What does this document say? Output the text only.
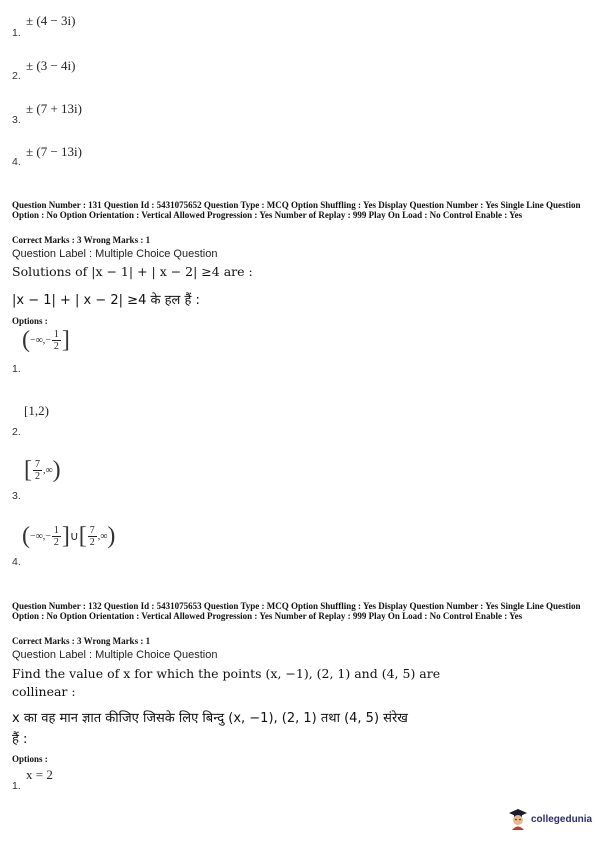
± (4 − 3i)
1.
± (3 − 4i)
2.
± (7 + 13i)
3.
± (7 − 13i)
4.
Question Number : 131 Question Id : 5431075652 Question Type : MCQ Option Shuffling : Yes Display Question Number : Yes Single Line Question Option : No Option Orientation : Vertical Allowed Progression : Yes Number of Replay : 999 Play On Load : No Control Enable : Yes
Correct Marks : 3 Wrong Marks : 1
Question Label : Multiple Choice Question
Solutions of |x − 1| + | x − 2| ≥4 are :
|x − 1| + | x − 2| ≥4 के हल हैं :
Options :
( −∞, − $\frac{1}{2}$ ]
1.
[1,2)
2.
[ $\frac{7}{2}$ ,∞ )
3.
( −∞, − $\frac{1}{2}$ ] ∪ [ $\frac{7}{2}$ ,∞ )
4.
Question Number : 132 Question Id : 5431075653 Question Type : MCQ Option Shuffling : Yes Display Question Number : Yes Single Line Question Option : No Option Orientation : Vertical Allowed Progression : Yes Number of Replay : 999 Play On Load : No Control Enable : Yes
Correct Marks : 3 Wrong Marks : 1
Question Label : Multiple Choice Question
Find the value of x for which the points (x, −1), (2, 1) and (4, 5) are
collinear :
x का वह मान ज्ञात कीजिए जिसके लिए बिन्दु (x, −1), (2, 1) तथा (4, 5) संरेख
हैं :
Options :
x = 2
1.
collegedunia
